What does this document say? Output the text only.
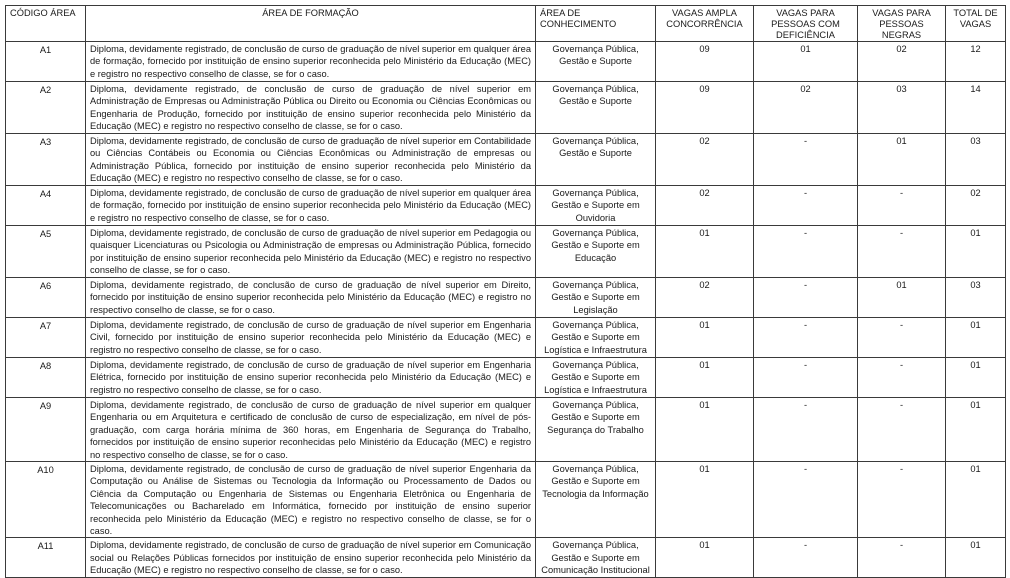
CÓDIGO ÁREA	ÁREA DE FORMAÇÃO	ÁREA DE CONHECIMENTO	VAGAS AMPLA CONCORRÊNCIA	VAGAS PARA PESSOAS COM DEFICIÊNCIA	VAGAS PARA PESSOAS NEGRAS	TOTAL DE VAGAS
A1	Diploma, devidamente registrado, de conclusão de curso de graduação de nível superior em qualquer área de formação, fornecido por instituição de ensino superior reconhecida pelo Ministério da Educação (MEC) e registro no respectivo conselho de classe, se for o caso.	Governança Pública, Gestão e Suporte	09	01	02	12
A2	Diploma, devidamente registrado, de conclusão de curso de graduação de nível superior em Administração de Empresas ou Administração Pública ou Direito ou Economia ou Ciências Econômicas ou Engenharia de Produção, fornecido por instituição de ensino superior reconhecida pelo Ministério da Educação (MEC) e registro no respectivo conselho de classe, se for o caso.	Governança Pública, Gestão e Suporte	09	02	03	14
A3	Diploma, devidamente registrado, de conclusão de curso de graduação de nível superior em Contabilidade ou Ciências Contábeis ou Economia ou Ciências Econômicas ou Administração de empresas ou Administração Pública, fornecido por instituição de ensino superior reconhecida pelo Ministério da Educação (MEC) e registro no respectivo conselho de classe, se for o caso.	Governança Pública, Gestão e Suporte	02	-	01	03
A4	Diploma, devidamente registrado, de conclusão de curso de graduação de nível superior em qualquer área de formação, fornecido por instituição de ensino superior reconhecida pelo Ministério da Educação (MEC) e registro no respectivo conselho de classe, se for o caso.	Governança Pública, Gestão e Suporte em Ouvidoria	02	-	-	02
A5	Diploma, devidamente registrado, de conclusão de curso de graduação de nível superior em Pedagogia ou quaisquer Licenciaturas ou Psicologia ou Administração de empresas ou Administração Pública, fornecido por instituição de ensino superior reconhecida pelo Ministério da Educação (MEC) e registro no respectivo conselho de classe, se for o caso.	Governança Pública, Gestão e Suporte em Educação	01	-	-	01
A6	Diploma, devidamente registrado, de conclusão de curso de graduação de nível superior em Direito, fornecido por instituição de ensino superior reconhecida pelo Ministério da Educação (MEC) e registro no respectivo conselho de classe, se for o caso.	Governança Pública, Gestão e Suporte em Legislação	02	-	01	03
A7	Diploma, devidamente registrado, de conclusão de curso de graduação de nível superior em Engenharia Civil, fornecido por instituição de ensino superior reconhecida pelo Ministério da Educação (MEC) e registro no respectivo conselho de classe, se for o caso.	Governança Pública, Gestão e Suporte em Logística e Infraestrutura	01	-	-	01
A8	Diploma, devidamente registrado, de conclusão de curso de graduação de nível superior em Engenharia Elétrica, fornecido por instituição de ensino superior reconhecida pelo Ministério da Educação (MEC) e registro no respectivo conselho de classe, se for o caso.	Governança Pública, Gestão e Suporte em Logística e Infraestrutura	01	-	-	01
A9	Diploma, devidamente registrado, de conclusão de curso de graduação de nível superior em qualquer Engenharia ou em Arquitetura e certificado de conclusão de curso de especialização, em nível de pós-graduação, com carga horária mínima de 360 horas, em Engenharia de Segurança do Trabalho, fornecidos por instituição de ensino superior reconhecidas pelo Ministério da Educação (MEC) e registro no respectivo conselho de classe, se for o caso.	Governança Pública, Gestão e Suporte em Segurança do Trabalho	01	-	-	01
A10	Diploma, devidamente registrado, de conclusão de curso de graduação de nível superior Engenharia da Computação ou Análise de Sistemas ou Tecnologia da Informação ou Processamento de Dados ou Ciência da Computação ou Engenharia de Sistemas ou Engenharia Eletrônica ou Engenharia de Telecomunicações ou Bacharelado em Informática, fornecido por instituição de ensino superior reconhecida pelo Ministério da Educação (MEC) e registro no respectivo conselho de classe, se for o caso.	Governança Pública, Gestão e Suporte em Tecnologia da Informação	01	-	-	01
A11	Diploma, devidamente registrado, de conclusão de curso de graduação de nível superior em Comunicação social ou Relações Públicas fornecidos por instituição de ensino superior reconhecida pelo Ministério da Educação (MEC) e registro no respectivo conselho de classe, se for o caso.	Governança Pública, Gestão e Suporte em Comunicação Institucional	01	-	-	01
